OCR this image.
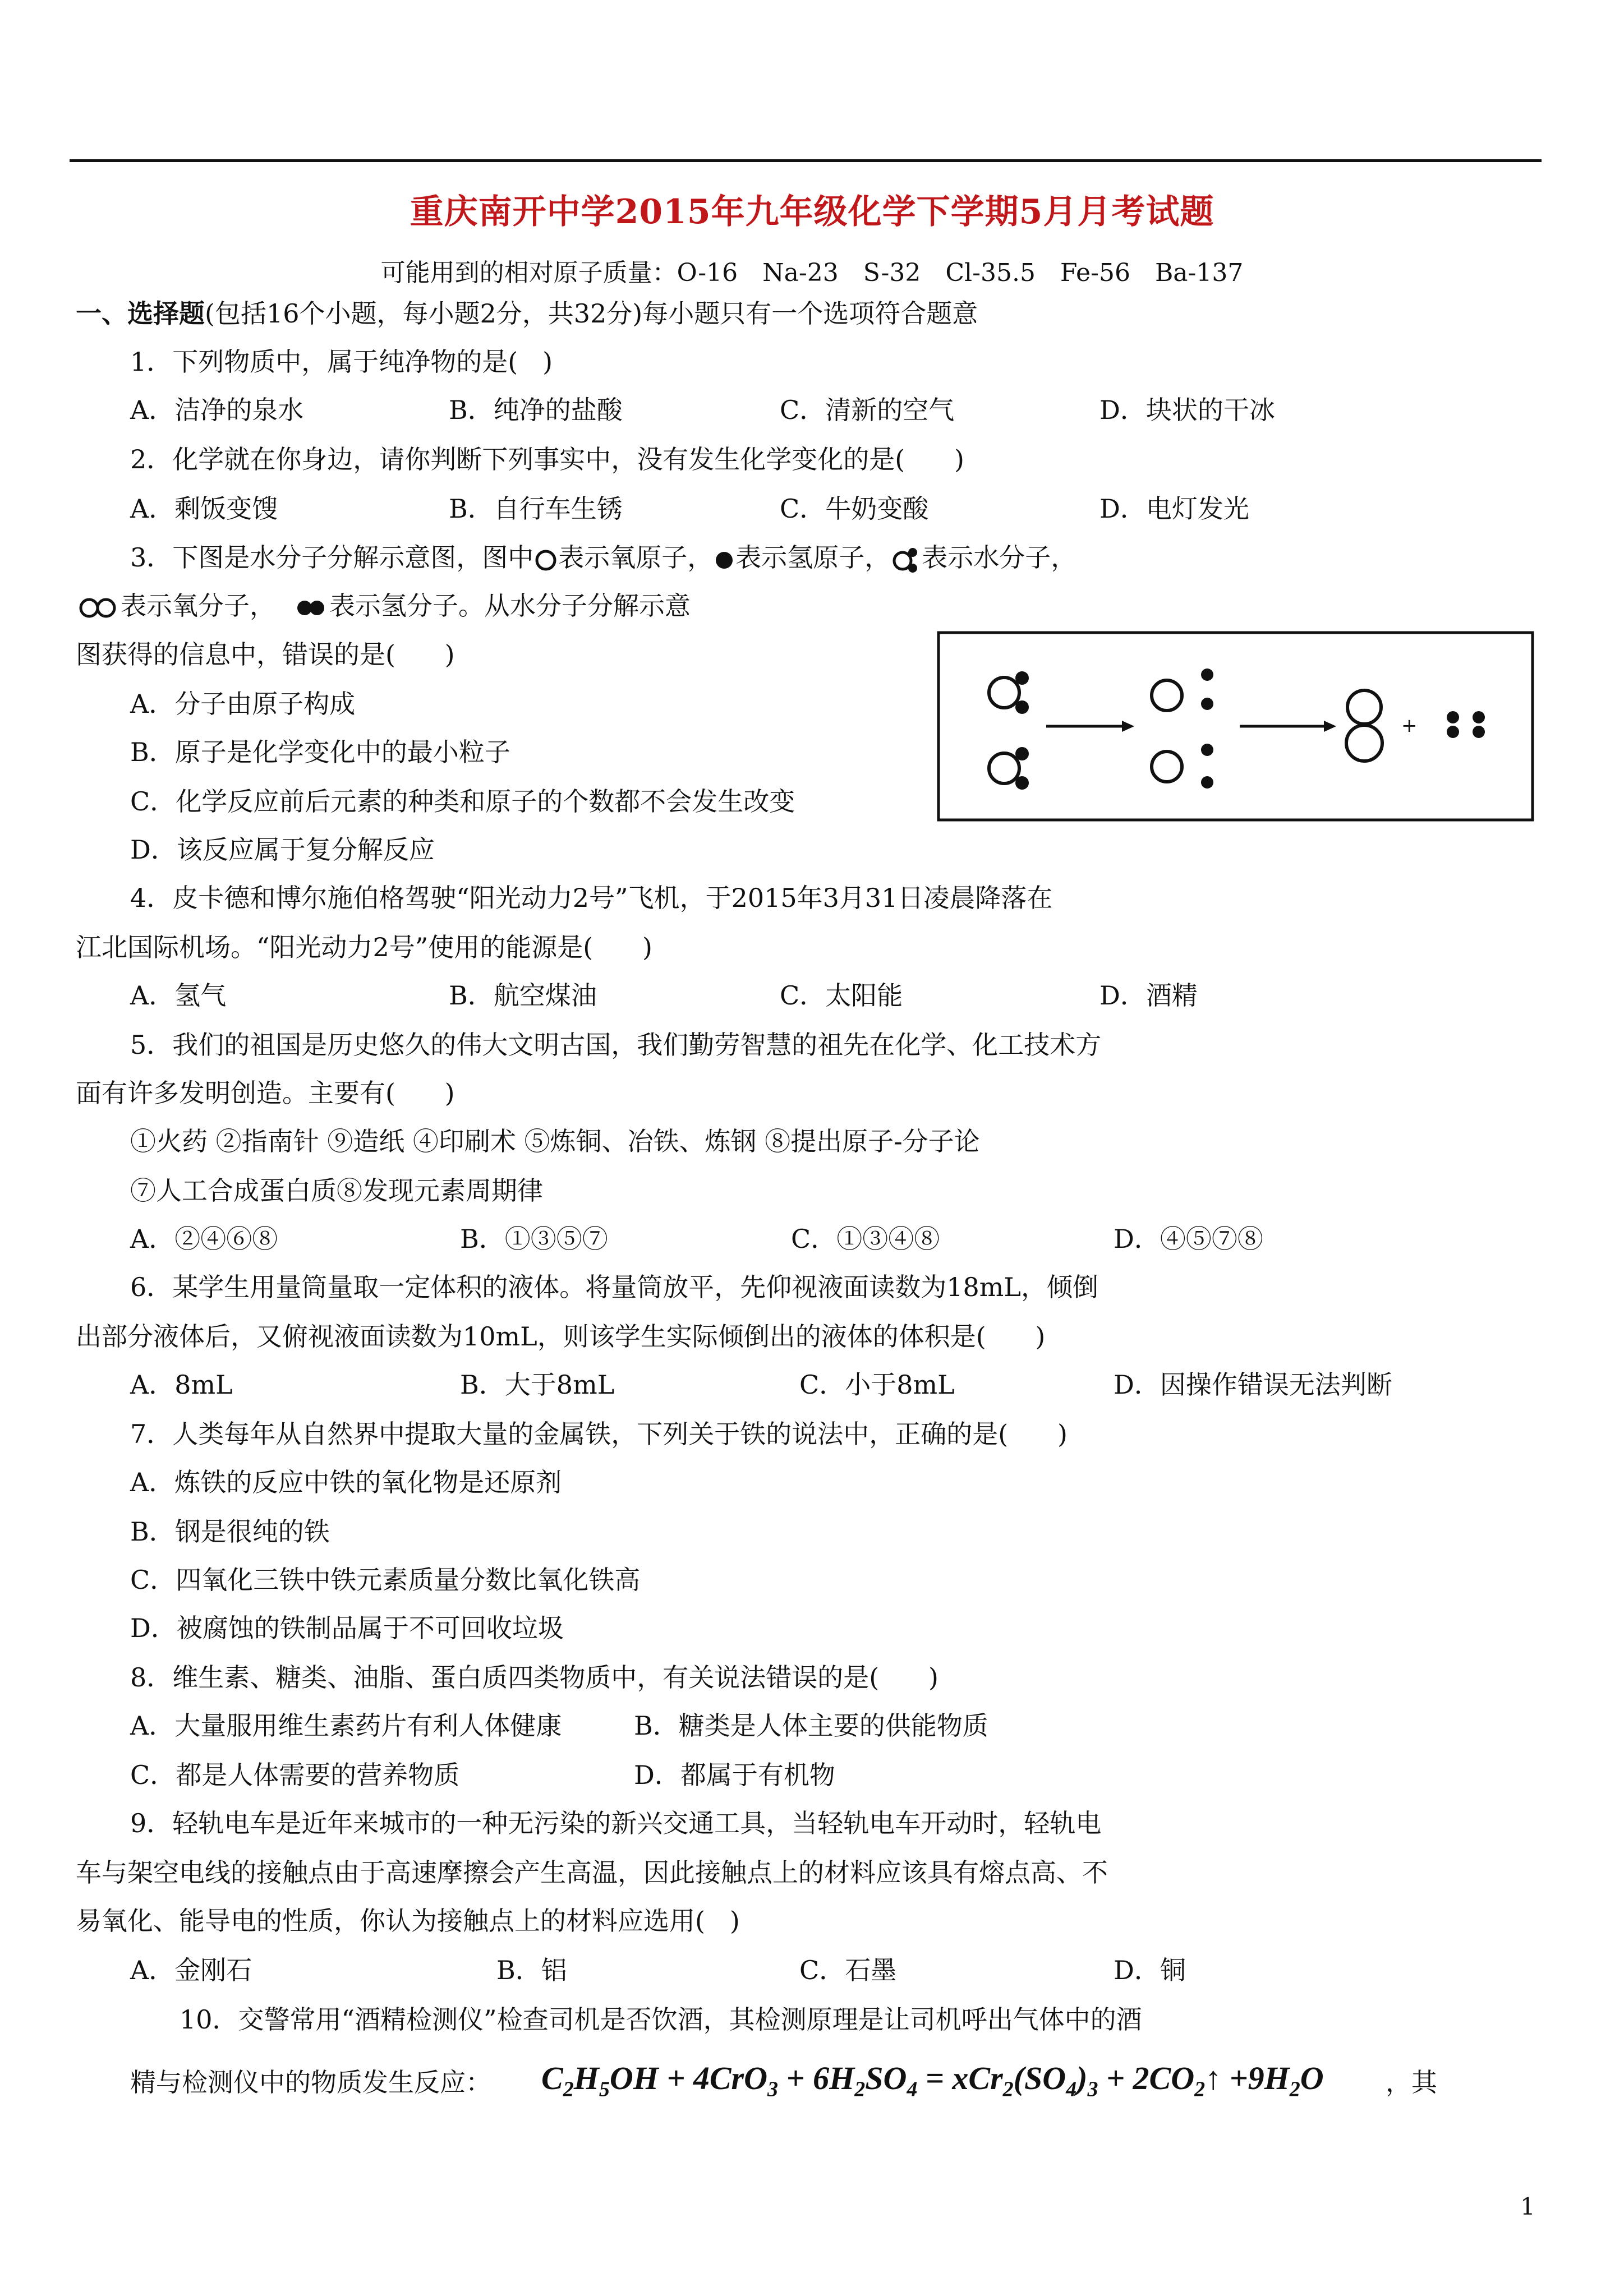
重庆南开中学2015年九年级化学下学期5月月考试题
可能用到的相对原子质量：O-16　Na-23　S-32　Cl-35.5　Fe-56　Ba-137
一、选择题(包括16个小题，每小题2分，共32分)每小题只有一个选项符合题意
1．下列物质中，属于纯净物的是(   )
A．洁净的泉水	B．纯净的盐酸	C．清新的空气	D．块状的干冰
2．化学就在你身边，请你判断下列事实中，没有发生化学变化的是(      )
A．剩饭变馊	B．自行车生锈	C．牛奶变酸	D．电灯发光
3．下图是水分子分解示意图，图中 表示氧原子， 表示氢原子， 表示水分子，
表示氧分子， 表示氢分子。从水分子分解示意
图获得的信息中，错误的是(      )
A．分子由原子构成
B．原子是化学变化中的最小粒子
C．化学反应前后元素的种类和原子的个数都不会发生改变
D．该反应属于复分解反应
+
4．皮卡德和博尔施伯格驾驶“阳光动力2号”飞机，于2015年3月31日凌晨降落在
江北国际机场。“阳光动力2号”使用的能源是(      )
A．氢气	B．航空煤油	C．太阳能	D．酒精
5．我们的祖国是历史悠久的伟大文明古国，我们勤劳智慧的祖先在化学、化工技术方
面有许多发明创造。主要有(      )
①火药 ②指南针 ⑨造纸 ④印刷术 ⑤炼铜、冶铁、炼钢 ⑧提出原子-分子论
⑦人工合成蛋白质⑧发现元素周期律
A．②④⑥⑧	B．①③⑤⑦	C．①③④⑧	D．④⑤⑦⑧
6．某学生用量筒量取一定体积的液体。将量筒放平，先仰视液面读数为18mL，倾倒
出部分液体后，又俯视液面读数为10mL，则该学生实际倾倒出的液体的体积是(      )
A．8mL	B．大于8mL	C．小于8mL	D．因操作错误无法判断
7．人类每年从自然界中提取大量的金属铁，下列关于铁的说法中，正确的是(      )
A．炼铁的反应中铁的氧化物是还原剂
B．钢是很纯的铁
C．四氧化三铁中铁元素质量分数比氧化铁高
D．被腐蚀的铁制品属于不可回收垃圾
8．维生素、糖类、油脂、蛋白质四类物质中，有关说法错误的是(      )
A．大量服用维生素药片有利人体健康	B．糖类是人体主要的供能物质
C．都是人体需要的营养物质	D．都属于有机物
9．轻轨电车是近年来城市的一种无污染的新兴交通工具，当轻轨电车开动时，轻轨电
车与架空电线的接触点由于高速摩擦会产生高温，因此接触点上的材料应该具有熔点高、不
易氧化、能导电的性质，你认为接触点上的材料应选用(   )
A．金刚石	B．铝	C．石墨	D．铜
10．交警常用“酒精检测仪”检查司机是否饮酒，其检测原理是让司机呼出气体中的酒
精与检测仪中的物质发生反应： $C_2H_5OH + 4CrO_3 + 6H_2SO_4 = xCr_2(SO_4)_3$ + $2CO_2↑ +9H_2O$ ，其
1
